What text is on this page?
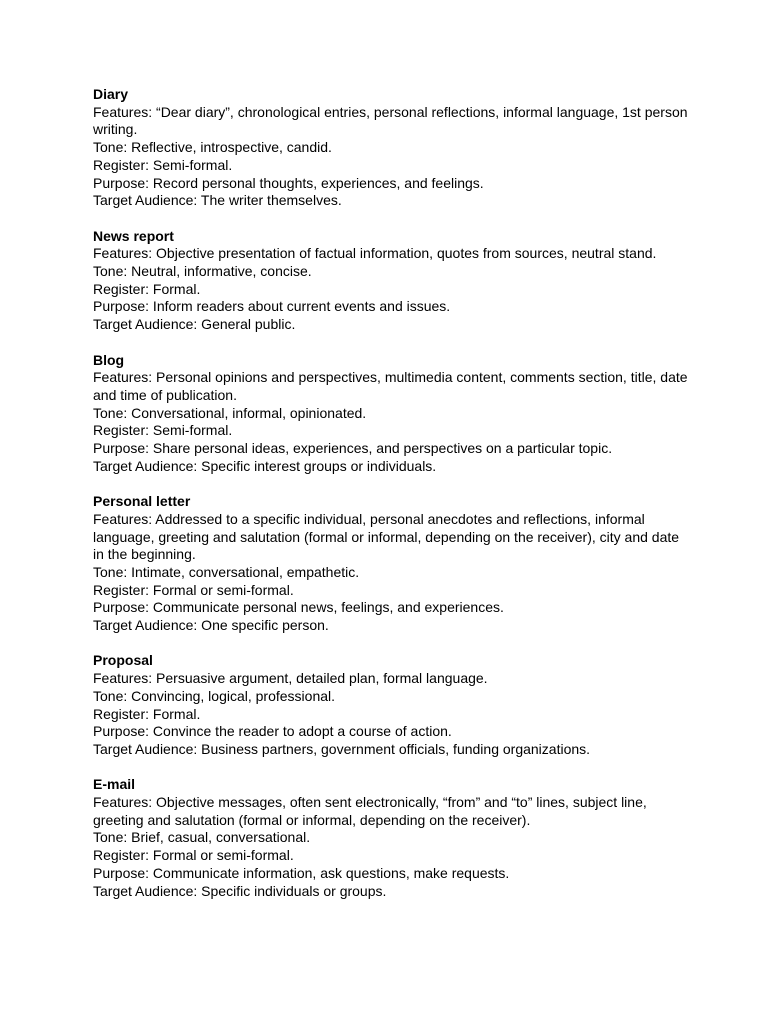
Diary

Features: “Dear diary”, chronological entries, personal reflections, informal language, 1st person writing.

Tone: Reflective, introspective, candid.

Register: Semi-formal.

Purpose: Record personal thoughts, experiences, and feelings.

Target Audience: The writer themselves.

News report

Features: Objective presentation of factual information, quotes from sources, neutral stand.

Tone: Neutral, informative, concise.

Register: Formal.

Purpose: Inform readers about current events and issues.

Target Audience: General public.

Blog

Features: Personal opinions and perspectives, multimedia content, comments section, title, date and time of publication.

Tone: Conversational, informal, opinionated.

Register: Semi-formal.

Purpose: Share personal ideas, experiences, and perspectives on a particular topic.

Target Audience: Specific interest groups or individuals.

Personal letter

Features: Addressed to a specific individual, personal anecdotes and reflections, informal language, greeting and salutation (formal or informal, depending on the receiver), city and date in the beginning.

Tone: Intimate, conversational, empathetic.

Register: Formal or semi-formal.

Purpose: Communicate personal news, feelings, and experiences.

Target Audience: One specific person.

Proposal

Features: Persuasive argument, detailed plan, formal language.

Tone: Convincing, logical, professional.

Register: Formal.

Purpose: Convince the reader to adopt a course of action.

Target Audience: Business partners, government officials, funding organizations.

E-mail

Features: Objective messages, often sent electronically, “from” and “to” lines, subject line, greeting and salutation (formal or informal, depending on the receiver).

Tone: Brief, casual, conversational.

Register: Formal or semi-formal.

Purpose: Communicate information, ask questions, make requests.

Target Audience: Specific individuals or groups.
